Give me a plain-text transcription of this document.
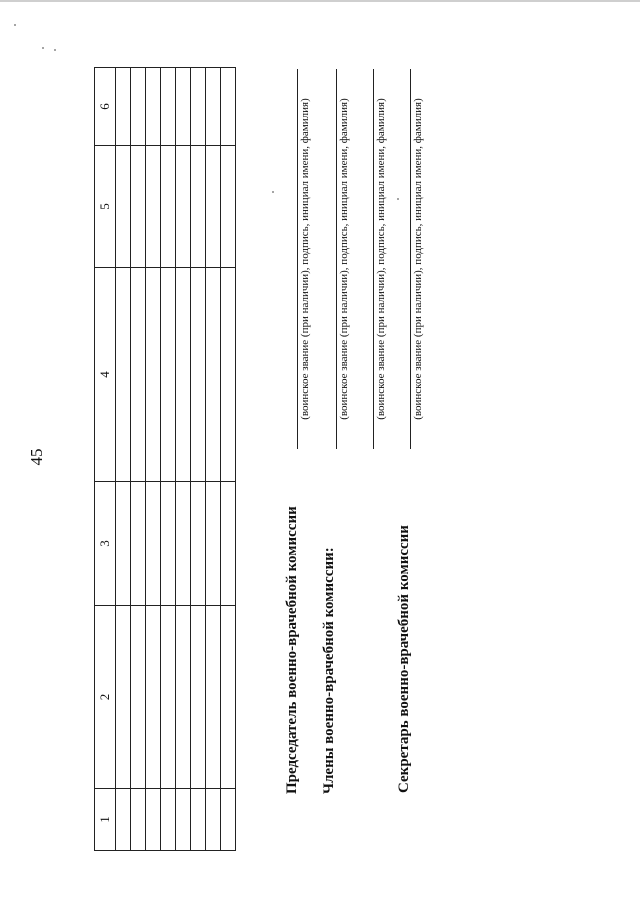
45
1	2	3	4	5	6

Председатель военно-врачебной комиссии
(воинское звание (при наличии), подпись, инициал имени, фамилия)
Члены военно-врачебной комиссии:
(воинское звание (при наличии), подпись, инициал имени, фамилия) (воинское звание (при наличии), подпись, инициал имени, фамилия)
Секретарь военно-врачебной комиссии
(воинское звание (при наличии), подпись, инициал имени, фамилия)
